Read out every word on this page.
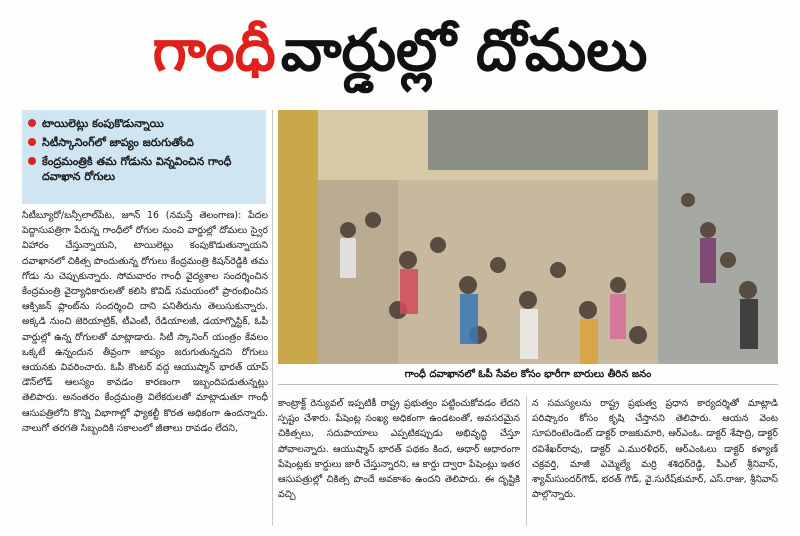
గాంధీ వార్డుల్లో దోమలు
టాయిలెట్లు కంపుకొడున్నాయి
సిటీస్కానింగ్‌లో జాప్యం జరుగుతోంది
కేంద్రమంత్రికి తమ గోడును విన్నవించిన గాంధీ దవాఖాన రోగులు

సిటీబ్యూరో/బన్సీలాల్‌పేట, జూన్ 16 (నమస్తే తెలంగాణ): పేదల పెద్దాసుపత్రిగా పేరున్న గాంధీలో రోగుల నుంచి వార్డుల్లో దోమలు స్వైర విహారం చేస్తున్నాయని, టాయిలెట్లు కంపుకొడుతున్నాయని దవాఖానలో చికిత్స పొందుతున్న రోగులు కేంద్రమంత్రి కిషన్‌రెడ్డికి తమ గోడు ను చెప్పుకున్నారు. సోమవారం గాంధీ వైద్యశాల సందర్శించిన కేంద్రమంత్రి వైద్యాధికారులతో కలిసి కొవిడ్ సమయంలో ప్రారంభించిన ఆక్సిజన్ ప్లాంట్‌ను సందర్శించి దాని పనితీరును తెలుసుకున్నారు. అక్కడి నుంచి జెరియాట్రిక్, టీఎంటీ, రేడియాలజీ, డయాగ్నొస్టిక్, ఓపీ వార్డుల్లో ఉన్న రోగులతో మాట్లాడారు. సిటీ స్కానింగ్ యంత్రం కేవలం ఒక్కటే ఉన్నందున తీవ్రంగా జాప్యం జరుగుతున్నదని రోగులు ఆయనకు వివరించారు. ఓపీ కౌంటర్ వద్ద ఆయుష్మాన్ భారత్ యాప్ డౌన్‌లోడ్ ఆలస్యం కావడం కారణంగా ఇబ్బందిపడుతున్నట్లు తెలిపారు. అనంతరం కేంద్రమంత్రి విలేకరులతో మాట్లాడుతూ గాంధీ ఆసుపత్రిలోని కొన్ని విభాగాల్లో ఫ్యాకల్టీ కొరత అధికంగా ఉందన్నారు. నాలుగో తరగతి సిబ్బందికి సకాలంలో జీతాలు రావడం లేదని,

గాంధీ దవాఖానలో ఓపీ సేవల కోసం భారీగా బారులు తీరిన జనం

కాంట్రాక్ట్ రెన్యువల్ ఇప్పటికీ రాష్ట్ర ప్రభుత్వం పట్టించుకోవడం లేదని స్పష్టం చేశారు. పేషెంట్ల సంఖ్య అధికంగా ఉండటంతో, అవసరమైన చికిత్సలు, సదుపాయాలు ఎప్పటికప్పుడు అభివృద్ధి చేస్తూ పోవాలన్నారు. ఆయుష్మాన్ భారత్ పథకం కింద, ఆధార్ ఆధారంగా పేషెంట్లకు కార్డులు జారీ చేస్తున్నారని, ఆ కార్డు ద్వారా పేషెంట్లు ఇతర ఆసుపత్రుల్లో చికిత్స పొందే అవకాశం ఉందని తెలిపారు. ఈ దృష్టికి వచ్చి

న సమస్యలను రాష్ట్ర ప్రభుత్వ ప్రధాన కార్యదర్శితో మాట్లాడి పరిష్కారం కోసం కృషి చేస్తానని తెలిపారు. ఆయన వెంట సూపరింటెండెంట్ డాక్టర్ రాజకుమారి, ఆర్ఎంఓ. డాక్టర్ శేషాద్రి, డాక్టర్ రవిశేఖర్‌రావు, డాక్టర్ ఎ.మురళీధర్, ఆర్ఎంఓలు డాక్టర్ కళ్యాణ్ చక్రవర్తి, మాజీ ఎమ్మెల్యే మర్రి శశిధర్‌రెడ్డి, పీఎల్ శ్రీనివాస్, శ్యామ్‌సుందర్‌గౌడ్, భరత్ గౌడ్, వై.సురేష్‌కుమార్, ఎస్.రాజు, శ్రీనివాస్ పాల్గొన్నారు.
